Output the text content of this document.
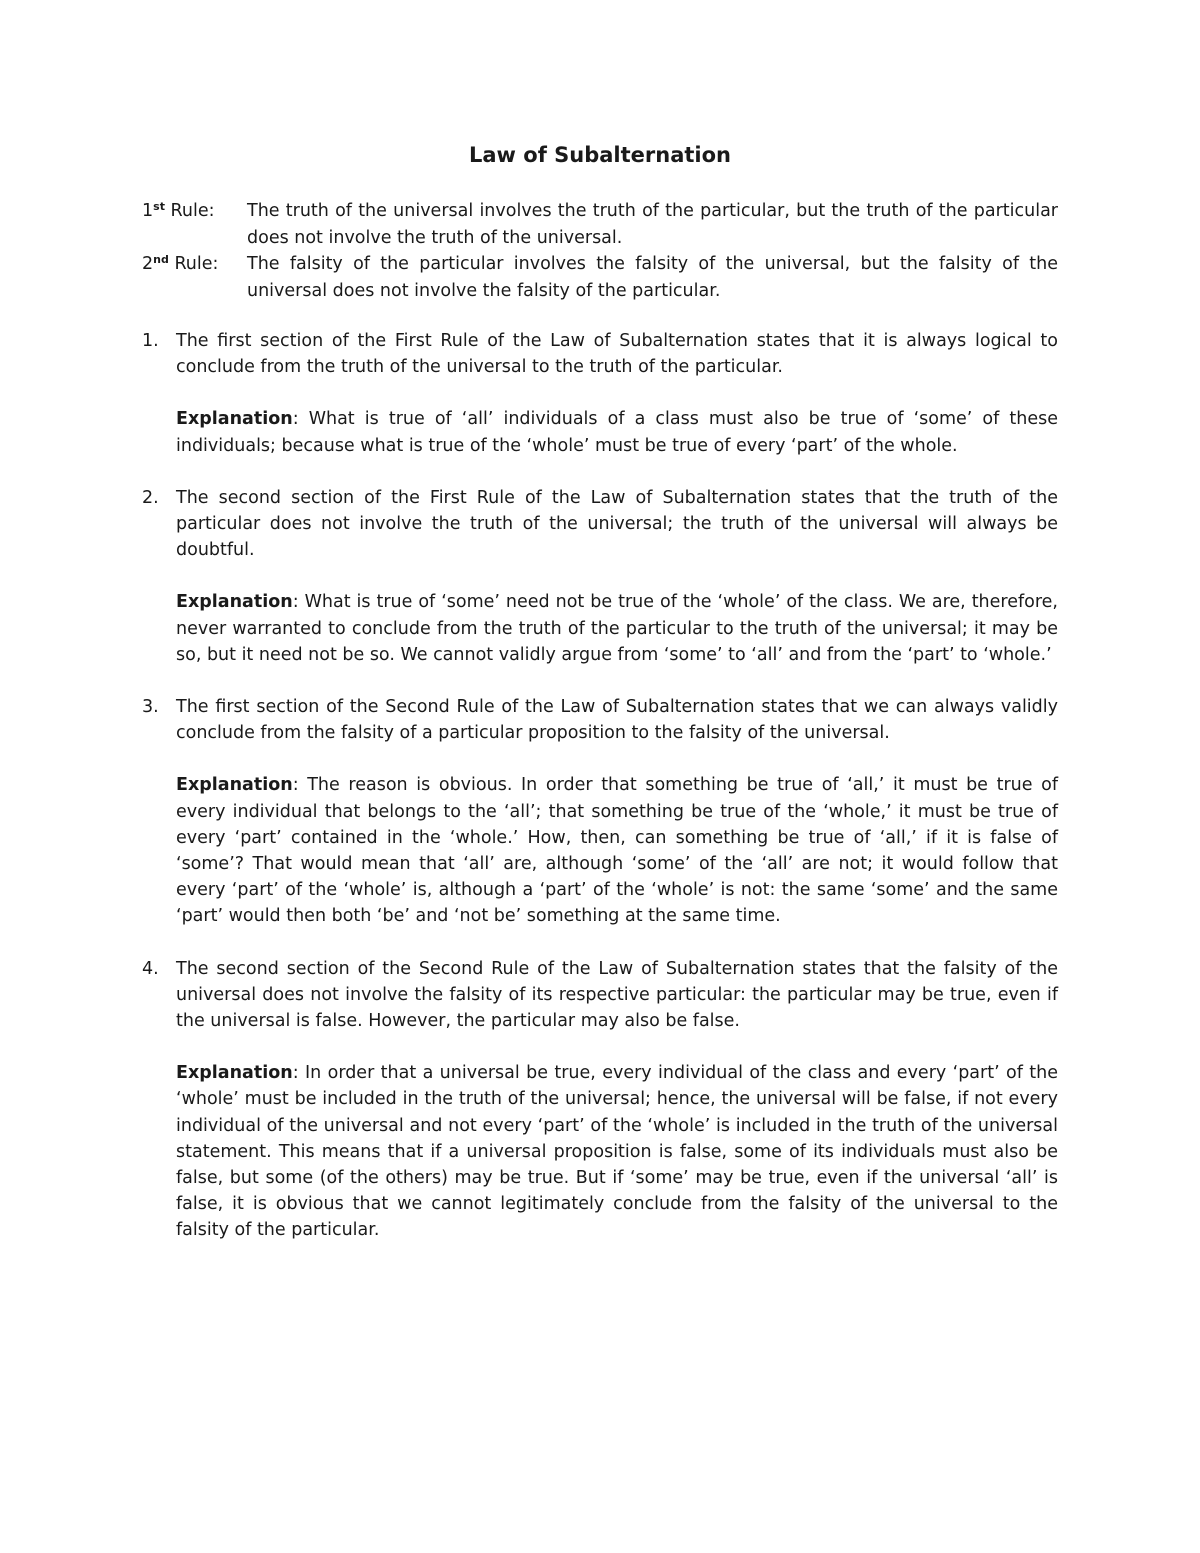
Law of Subalternation
1st Rule:	The truth of the universal involves the truth of the particular, but the truth of the particular does not involve the truth of the universal.
2nd Rule:	The falsity of the particular involves the falsity of the universal, but the falsity of the universal does not involve the falsity of the particular.
1. The first section of the First Rule of the Law of Subalternation states that it is always logical to conclude from the truth of the universal to the truth of the particular.

Explanation: What is true of ‘all’ individuals of a class must also be true of ‘some’ of these individuals; because what is true of the ‘whole’ must be true of every ‘part’ of the whole.

2. The second section of the First Rule of the Law of Subalternation states that the truth of the particular does not involve the truth of the universal; the truth of the universal will always be doubtful.

Explanation: What is true of ‘some’ need not be true of the ‘whole’ of the class. We are, therefore, never warranted to conclude from the truth of the particular to the truth of the universal; it may be so, but it need not be so. We cannot validly argue from ‘some’ to ‘all’ and from the ‘part’ to ‘whole.’

3. The first section of the Second Rule of the Law of Subalternation states that we can always validly conclude from the falsity of a particular proposition to the falsity of the universal.

Explanation: The reason is obvious. In order that something be true of ‘all,’ it must be true of every individual that belongs to the ‘all’; that something be true of the ‘whole,’ it must be true of every ‘part’ contained in the ‘whole.’ How, then, can something be true of ‘all,’ if it is false of ‘some’? That would mean that ‘all’ are, although ‘some’ of the ‘all’ are not; it would follow that every ‘part’ of the ‘whole’ is, although a ‘part’ of the ‘whole’ is not: the same ‘some’ and the same ‘part’ would then both ‘be’ and ‘not be’ something at the same time.

4. The second section of the Second Rule of the Law of Subalternation states that the falsity of the universal does not involve the falsity of its respective particular: the particular may be true, even if the universal is false. However, the particular may also be false.

Explanation: In order that a universal be true, every individual of the class and every ‘part’ of the ‘whole’ must be included in the truth of the universal; hence, the universal will be false, if not every individual of the universal and not every ‘part’ of the ‘whole’ is included in the truth of the universal statement. This means that if a universal proposition is false, some of its individuals must also be false, but some (of the others) may be true. But if ‘some’ may be true, even if the universal ‘all’ is false, it is obvious that we cannot legitimately conclude from the falsity of the universal to the falsity of the particular.
